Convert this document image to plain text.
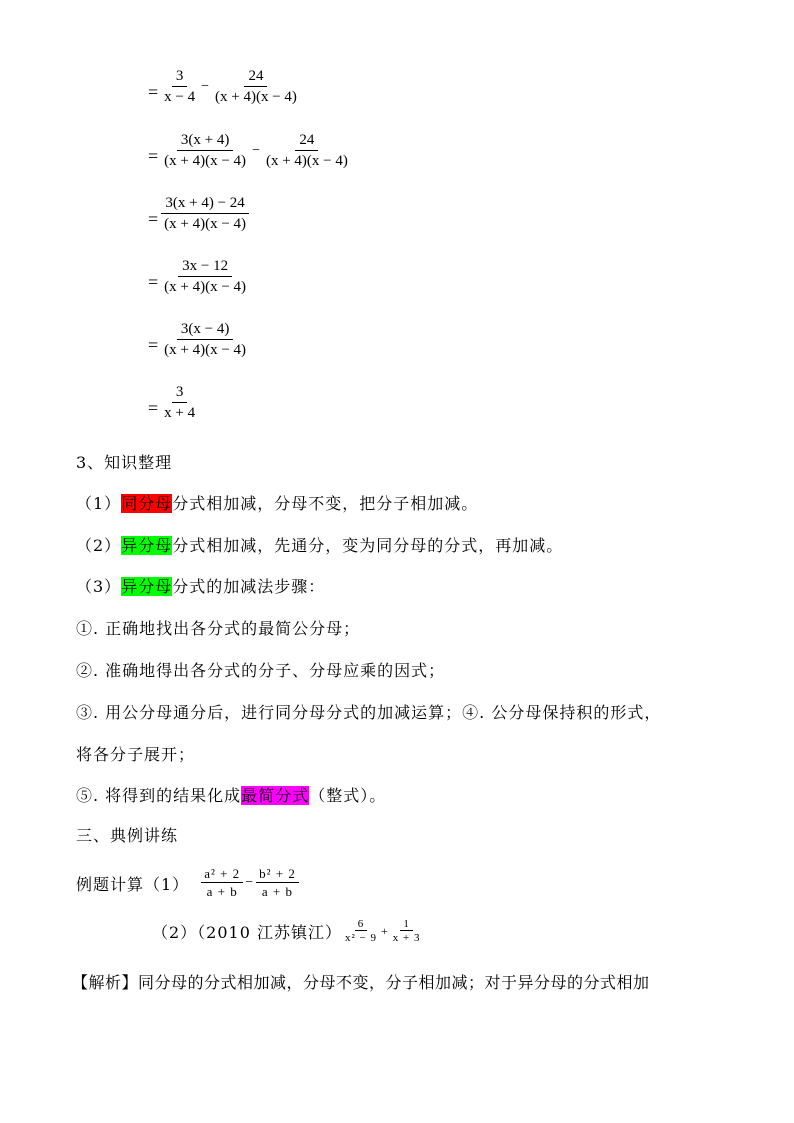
= $\frac{3}{x - 4} - \frac{24}{(x + 4)(x - 4)}$
= $\frac{3(x + 4)}{(x + 4)(x - 4)} - \frac{24}{(x + 4)(x - 4)}$
= $\frac{3(x + 4) - 24}{(x + 4)(x - 4)}$
= $\frac{3x - 12}{(x + 4)(x - 4)}$
= $\frac{3(x - 4)}{(x + 4)(x - 4)}$
= $\frac{3}{x + 4}$
3、知识整理
（1）同分母分式相加减，分母不变，把分子相加减。
（2）异分母分式相加减，先通分，变为同分母的分式，再加减。
（3）异分母分式的加减法步骤：
①. 正确地找出各分式的最简公分母；
②. 准确地得出各分式的分子、分母应乘的因式；
③. 用公分母通分后，进行同分母分式的加减运算；④. 公分母保持积的形式，
将各分子展开；
⑤. 将得到的结果化成最简分式（整式）。
三、典例讲练
例题计算$(1) \frac{\text{a² + 2}}{a + b} - \frac{\text{b² + 2}}{a + b}$
（2）（2010 江苏镇江） $\frac{6}{\text{x² − 9}} + \frac{1}{x + 3}$
【解析】同分母的分式相加减，分母不变，分子相加减；对于异分母的分式相加
